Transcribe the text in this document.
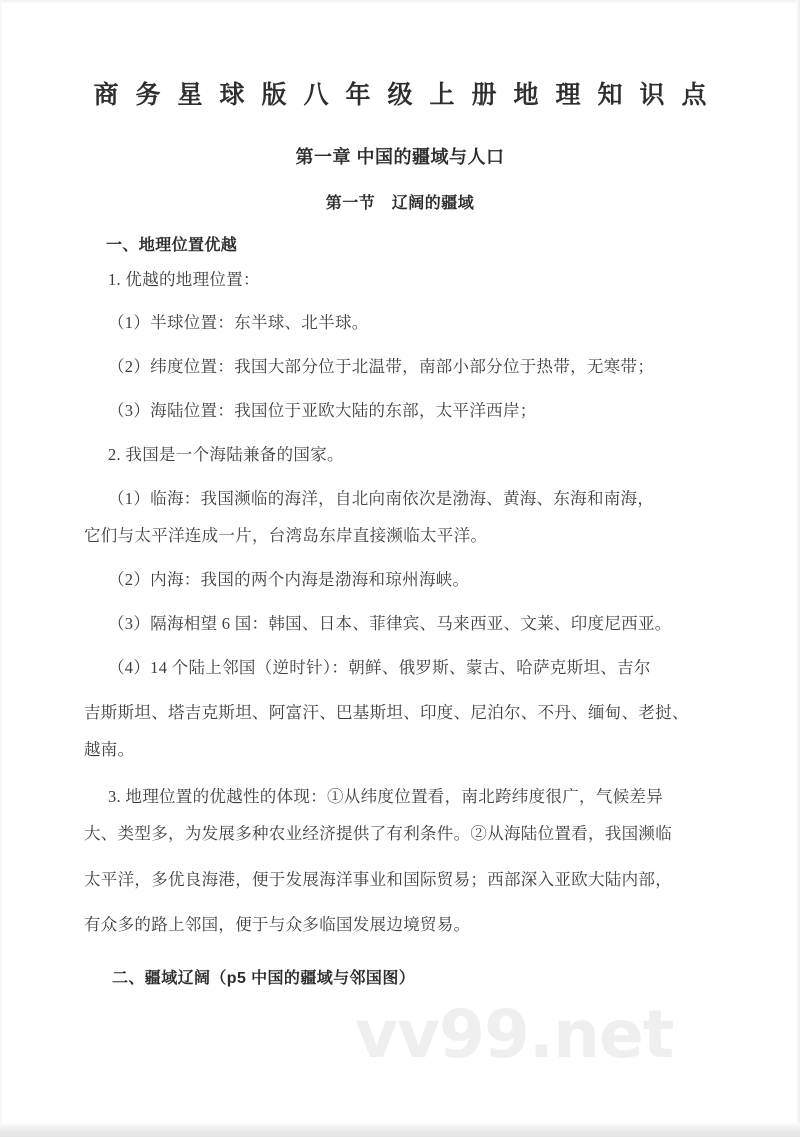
vv99.net
商务星球版八年级上册地理知识点
第一章 中国的疆域与人口
第一节　辽阔的疆域
一、地理位置优越
二、疆域辽阔（p5 中国的疆域与邻国图）
1. 优越的地理位置：
（1）半球位置：东半球、北半球。
（2）纬度位置：我国大部分位于北温带，南部小部分位于热带，无寒带；
（3）海陆位置：我国位于亚欧大陆的东部，太平洋西岸；
2. 我国是一个海陆兼备的国家。
（1）临海：我国濒临的海洋，自北向南依次是渤海、黄海、东海和南海，
它们与太平洋连成一片，台湾岛东岸直接濒临太平洋。
（2）内海：我国的两个内海是渤海和琼州海峡。
（3）隔海相望 6 国：韩国、日本、菲律宾、马来西亚、文莱、印度尼西亚。
（4）14 个陆上邻国（逆时针）：朝鲜、俄罗斯、蒙古、哈萨克斯坦、吉尔
吉斯斯坦、塔吉克斯坦、阿富汗、巴基斯坦、印度、尼泊尔、不丹、缅甸、老挝、
越南。
3. 地理位置的优越性的体现：①从纬度位置看，南北跨纬度很广，气候差异
大、类型多，为发展多种农业经济提供了有利条件。②从海陆位置看，我国濒临
太平洋，多优良海港，便于发展海洋事业和国际贸易；西部深入亚欧大陆内部，
有众多的路上邻国，便于与众多临国发展边境贸易。
